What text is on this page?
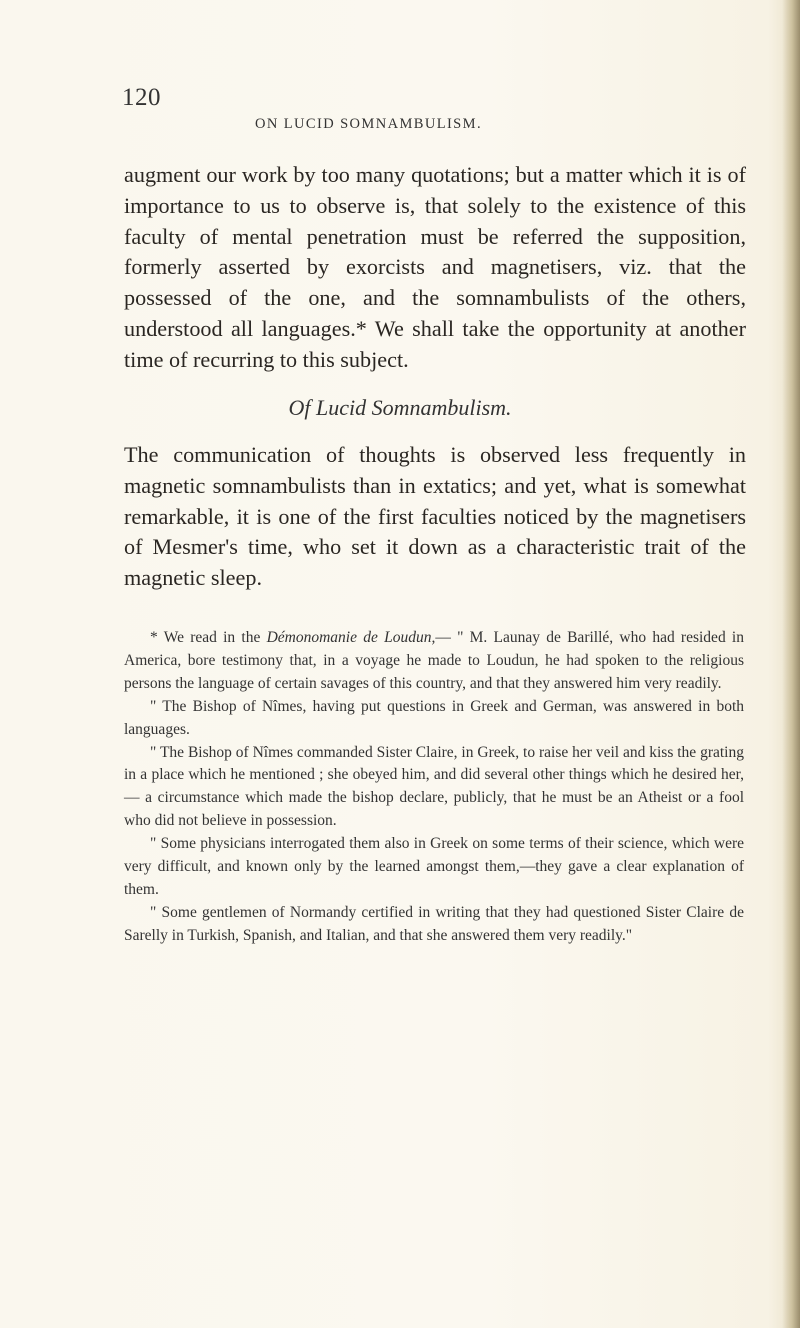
120
ON LUCID SOMNAMBULISM.

augment our work by too many quotations; but a matter which it is of importance to us to observe is, that solely to the existence of this faculty of mental penetration must be referred the supposition, formerly asserted by exorcists and magnetisers, viz. that the possessed of the one, and the somnambulists of the others, understood all languages.* We shall take the opportunity at another time of recurring to this subject.

Of Lucid Somnambulism.

The communication of thoughts is observed less frequently in magnetic somnambulists than in extatics; and yet, what is somewhat remarkable, it is one of the first faculties noticed by the magnetisers of Mesmer's time, who set it down as a characteristic trait of the magnetic sleep.

* We read in the Démonomanie de Loudun,— " M. Launay de Barillé, who had resided in America, bore testimony that, in a voyage he made to Loudun, he had spoken to the religious persons the language of certain savages of this country, and that they answered him very readily.

" The Bishop of Nîmes, having put questions in Greek and German, was answered in both languages.

" The Bishop of Nîmes commanded Sister Claire, in Greek, to raise her veil and kiss the grating in a place which he mentioned ; she obeyed him, and did several other things which he desired her,— a circumstance which made the bishop declare, publicly, that he must be an Atheist or a fool who did not believe in possession.

" Some physicians interrogated them also in Greek on some terms of their science, which were very difficult, and known only by the learned amongst them,—they gave a clear explanation of them.

" Some gentlemen of Normandy certified in writing that they had questioned Sister Claire de Sarelly in Turkish, Spanish, and Italian, and that she answered them very readily."
